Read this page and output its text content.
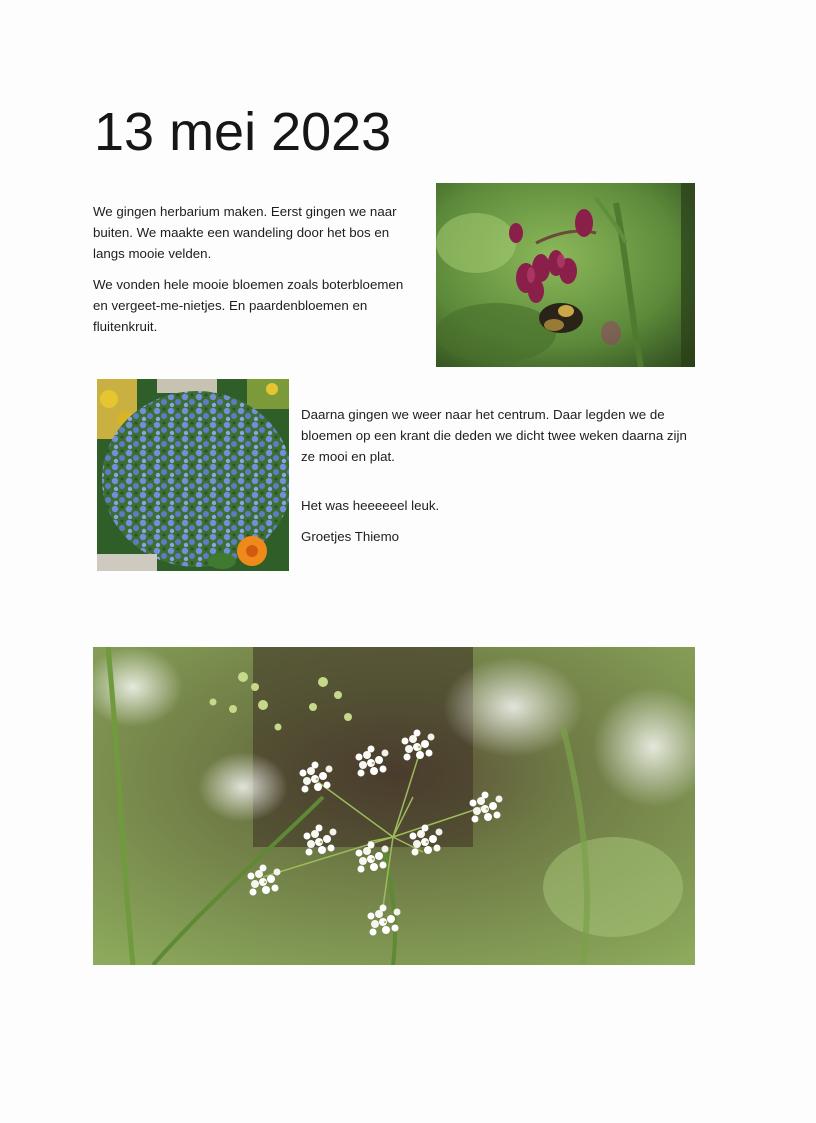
13 mei 2023

We gingen herbarium maken. Eerst gingen we naar buiten. We maakte een wandeling door het bos en langs mooie velden.

We vonden hele mooie bloemen zoals boterbloemen en vergeet-me-nietjes. En paardenbloemen en fluitenkruit.

Daarna gingen we weer naar het centrum. Daar legden we de bloemen op een krant die deden we dicht twee weken daarna zijn ze mooi en plat.

Het was heeeeeel leuk.

Groetjes Thiemo
